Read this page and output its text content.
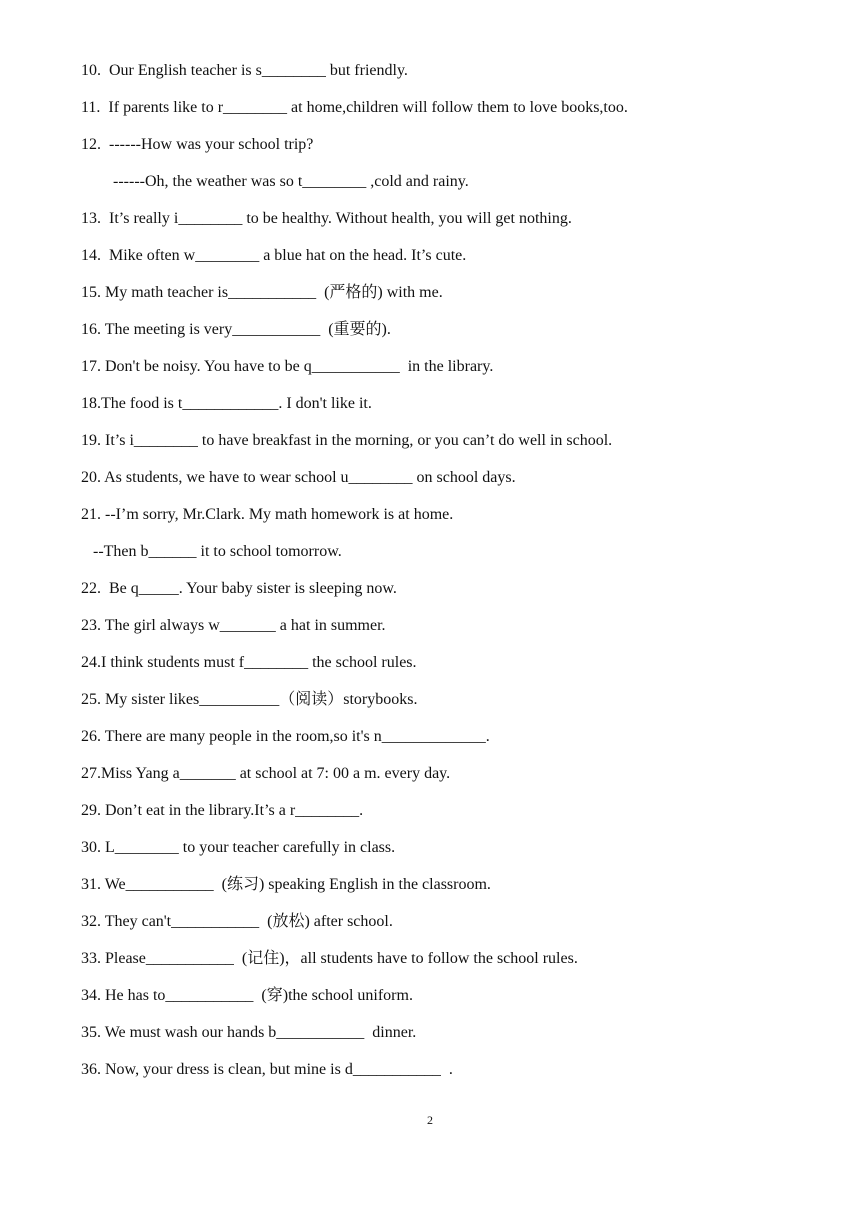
10.  Our English teacher is s________ but friendly.
11.  If parents like to r________ at home,children will follow them to love books,too.
12.  ------How was your school trip?
------Oh, the weather was so t________ ,cold and rainy.
13.  It’s really i________ to be healthy. Without health, you will get nothing.
14.  Mike often w________ a blue hat on the head. It’s cute.
15. My math teacher is___________  (严格的) with me.
16. The meeting is very___________  (重要的).
17. Don't be noisy. You have to be q___________  in the library.
18.The food is t____________. I don't like it.
19. It’s i________ to have breakfast in the morning, or you can’t do well in school.
20. As students, we have to wear school u________ on school days.
21. --I’m sorry, Mr.Clark. My math homework is at home.
--Then b______ it to school tomorrow.
22.  Be q_____. Your baby sister is sleeping now.
23. The girl always w_______ a hat in summer.
24.I think students must f________ the school rules.
25. My sister likes__________（阅读）storybooks.
26. There are many people in the room,so it's n_____________.
27.Miss Yang a_______ at school at 7: 00 a m. every day.
29. Don’t eat in the library.It’s a r________.
30. L________ to your teacher carefully in class.
31. We___________  (练习) speaking English in the classroom.
32. They can't___________  (放松) after school.
33. Please___________  (记住)，all students have to follow the school rules.
34. He has to___________  (穿)the school uniform.
35. We must wash our hands b___________  dinner.
36. Now, your dress is clean, but mine is d___________  .
2
